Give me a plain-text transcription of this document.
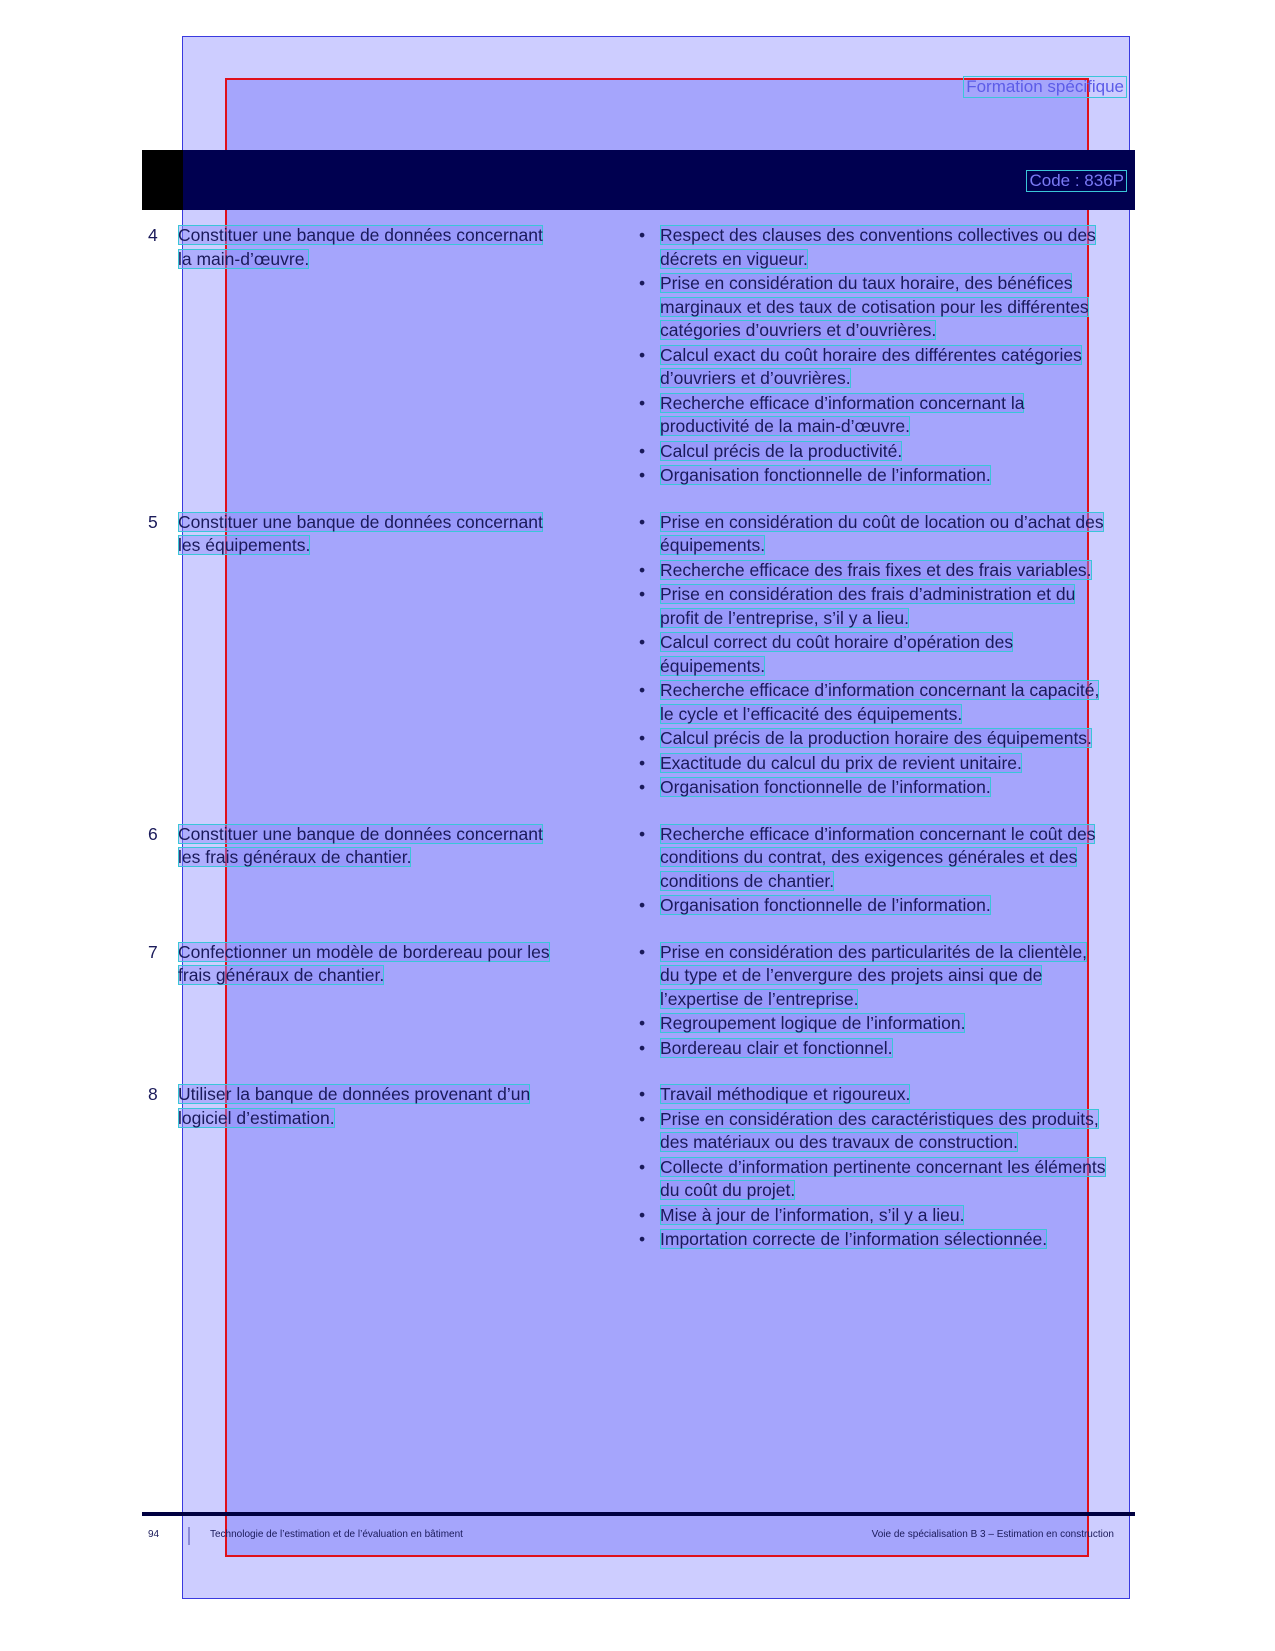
Formation spécifique
Code : 836P
4	Constituer une banque de données concernant
la main-d’œuvre.
• Respect des clauses des conventions collectives ou des décrets en vigueur.
• Prise en considération du taux horaire, des bénéfices marginaux et des taux de cotisation pour les différentes catégories d’ouvriers et d’ouvrières.
• Calcul exact du coût horaire des différentes catégories d’ouvriers et d’ouvrières.
• Recherche efficace d’information concernant la productivité de la main-d’œuvre.
• Calcul précis de la productivité.
• Organisation fonctionnelle de l’information.
5	Constituer une banque de données concernant
les équipements.
• Prise en considération du coût de location ou d’achat des équipements.
• Recherche efficace des frais fixes et des frais variables.
• Prise en considération des frais d’administration et du profit de l’entreprise, s’il y a lieu.
• Calcul correct du coût horaire d’opération des équipements.
• Recherche efficace d’information concernant la capacité, le cycle et l’efficacité des équipements.
• Calcul précis de la production horaire des équipements.
• Exactitude du calcul du prix de revient unitaire.
• Organisation fonctionnelle de l’information.
6	Constituer une banque de données concernant
les frais généraux de chantier.
• Recherche efficace d’information concernant le coût des conditions du contrat, des exigences générales et des conditions de chantier.
• Organisation fonctionnelle de l’information.
7	Confectionner un modèle de bordereau pour les
frais généraux de chantier.
• Prise en considération des particularités de la clientèle, du type et de l’envergure des projets ainsi que de l’expertise de l’entreprise.
• Regroupement logique de l’information.
• Bordereau clair et fonctionnel.
8	Utiliser la banque de données provenant d’un
logiciel d’estimation.
• Travail méthodique et rigoureux.
• Prise en considération des caractéristiques des produits, des matériaux ou des travaux de construction.
• Collecte d’information pertinente concernant les éléments du coût du projet.
• Mise à jour de l’information, s’il y a lieu.
• Importation correcte de l’information sélectionnée.
94	Technologie de l’estimation et de l’évaluation en bâtiment	Voie de spécialisation B 3 – Estimation en construction
